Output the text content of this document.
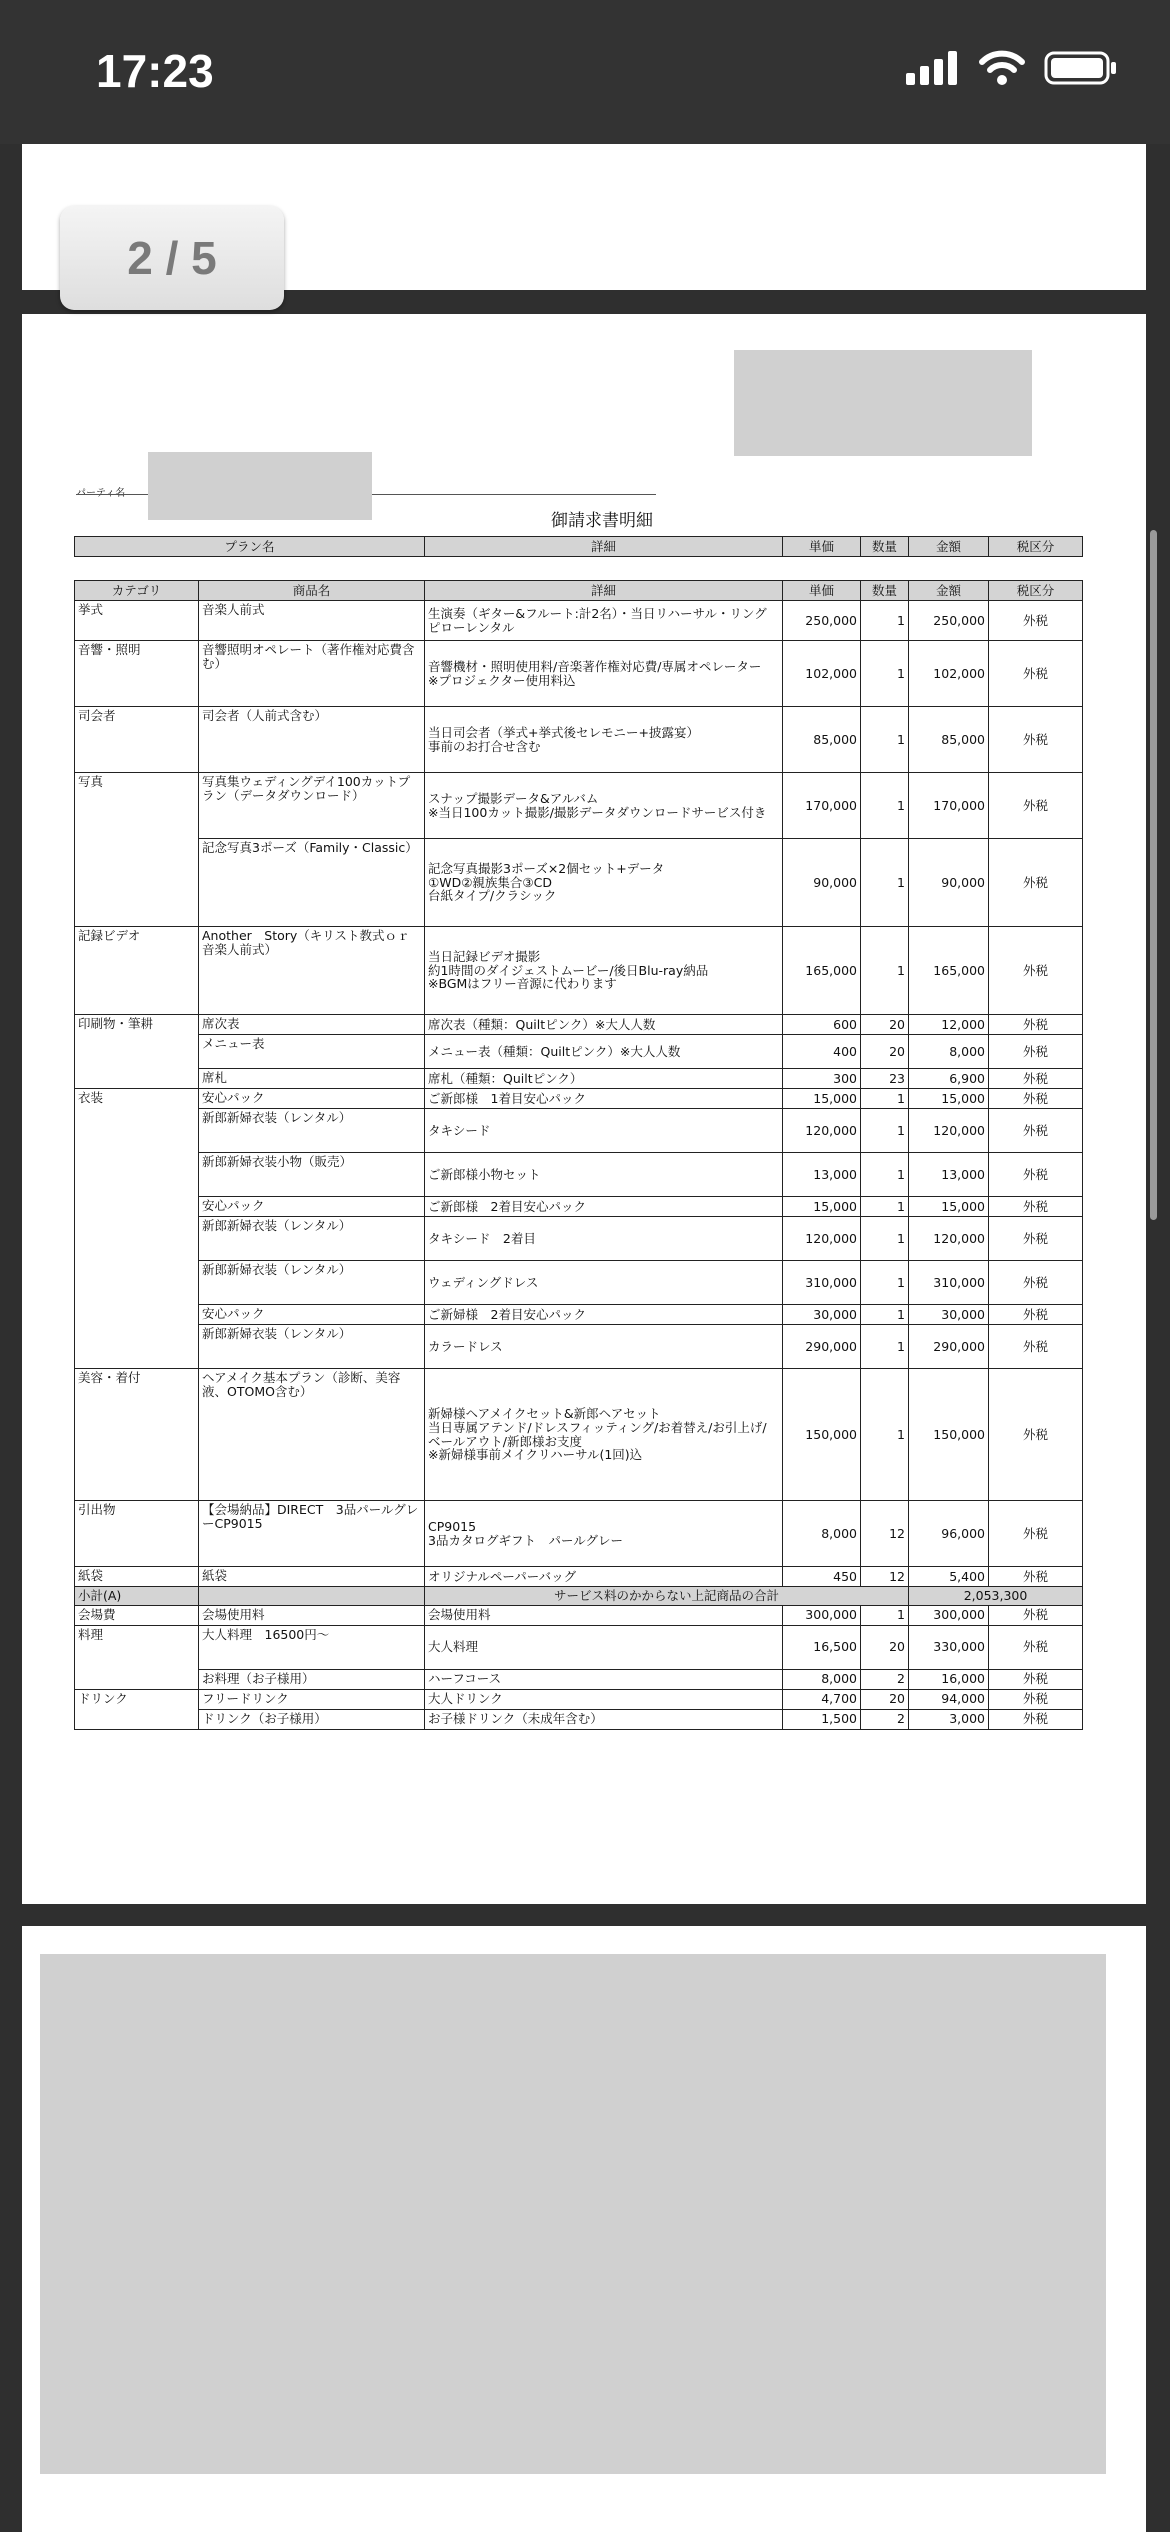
17:23
パーティ名
御請求書明細
プラン名	詳細	単価	数量	金額	税区分
カテゴリ	商品名	詳細	単価	数量	金額	税区分
挙式	音楽人前式	生演奏（ギター&フルート:計2名）・当日リハーサル・リングピローレンタル	250,000	1	250,000	外税
音響・照明	音響照明オペレート（著作権対応費含む）	音響機材・照明使用料/音楽著作権対応費/専属オペレーター
※プロジェクター使用料込	102,000	1	102,000	外税
司会者	司会者（人前式含む）	当日司会者（挙式+挙式後セレモニー+披露宴）
事前のお打合せ含む	85,000	1	85,000	外税
写真	写真集ウェディングデイ100カットプラン（データダウンロード）	スナップ撮影データ&アルバム
※当日100カット撮影/撮影データダウンロードサービス付き	170,000	1	170,000	外税
	記念写真3ポーズ（Family・Classic）	記念写真撮影3ポーズ×2個セット+データ
①WD②親族集合③CD
台紙タイプ/クラシック	90,000	1	90,000	外税
記録ビデオ	Another　Story（キリスト教式ｏｒ音楽人前式）	当日記録ビデオ撮影
約1時間のダイジェストムービー/後日Blu-ray納品
※BGMはフリー音源に代わります	165,000	1	165,000	外税
印刷物・筆耕	席次表	席次表（種類：Quiltピンク）※大人人数	600	20	12,000	外税
	メニュー表	メニュー表（種類：Quiltピンク）※大人人数	400	20	8,000	外税
	席札	席札（種類：Quiltピンク）	300	23	6,900	外税
衣装	安心パック	ご新郎様　1着目安心パック	15,000	1	15,000	外税
	新郎新婦衣装（レンタル）	タキシード	120,000	1	120,000	外税
	新郎新婦衣装小物（販売）	ご新郎様小物セット	13,000	1	13,000	外税
	安心パック	ご新郎様　2着目安心パック	15,000	1	15,000	外税
	新郎新婦衣装（レンタル）	タキシード　2着目	120,000	1	120,000	外税
	新郎新婦衣装（レンタル）	ウェディングドレス	310,000	1	310,000	外税
	安心パック	ご新婦様　2着目安心パック	30,000	1	30,000	外税
	新郎新婦衣装（レンタル）	カラードレス	290,000	1	290,000	外税
美容・着付	ヘアメイク基本プラン（診断、美容液、OTOMO含む）	新婦様ヘアメイクセット&新郎ヘアセット
当日専属アテンド/ドレスフィッティング/お着替え/お引上げ/ベールアウト/新郎様お支度
※新婦様事前メイクリハーサル(1回)込	150,000	1	150,000	外税
引出物	【会場納品】DIRECT　3品パールグレーCP9015	CP9015
3品カタログギフト　パールグレー	8,000	12	96,000	外税
紙袋	紙袋	オリジナルペーパーバッグ	450	12	5,400	外税
小計(A)		サービス料のかからない上記商品の合計			2,053,300	
会場費	会場使用料	会場使用料	300,000	1	300,000	外税
料理	大人料理　16500円～	大人料理	16,500	20	330,000	外税
	お料理（お子様用）	ハーフコース	8,000	2	16,000	外税
ドリンク	フリードリンク	大人ドリンク	4,700	20	94,000	外税
	ドリンク（お子様用）	お子様ドリンク（未成年含む）	1,500	2	3,000	外税
2 / 5
